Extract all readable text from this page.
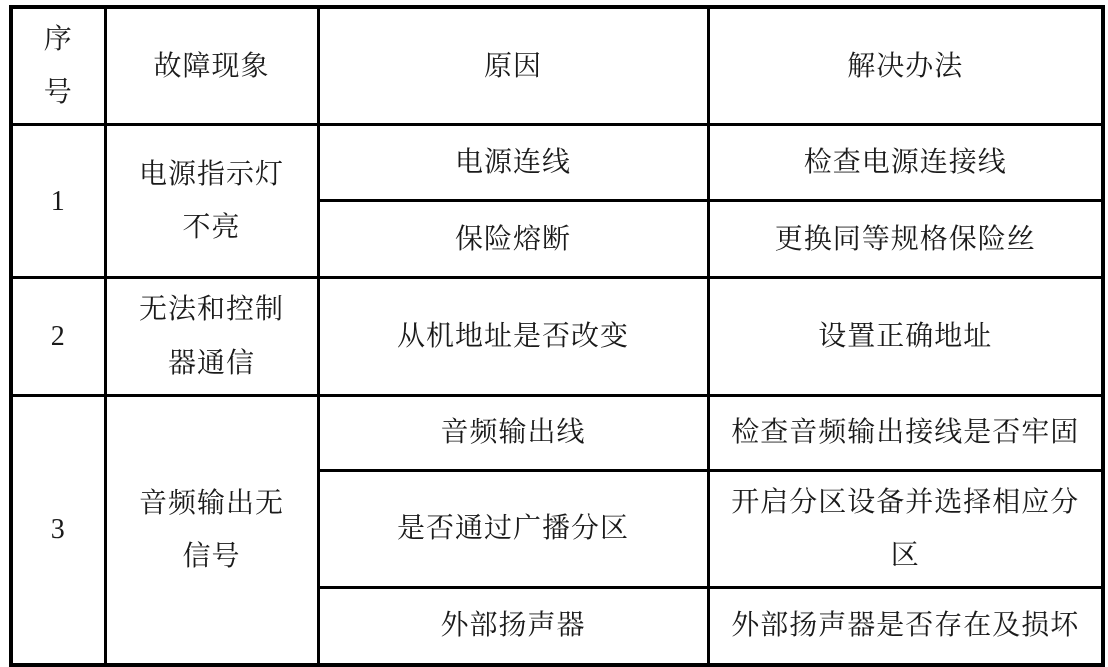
序号	故障现象	原因	解决办法
1	电源指示灯不亮	电源连线	检查电源连接线
		保险熔断	更换同等规格保险丝
2	无法和控制器通信	从机地址是否改变	设置正确地址
3	音频输出无信号	音频输出线	检查音频输出接线是否牢固
		是否通过广播分区	开启分区设备并选择相应分区
		外部扬声器	外部扬声器是否存在及损坏
